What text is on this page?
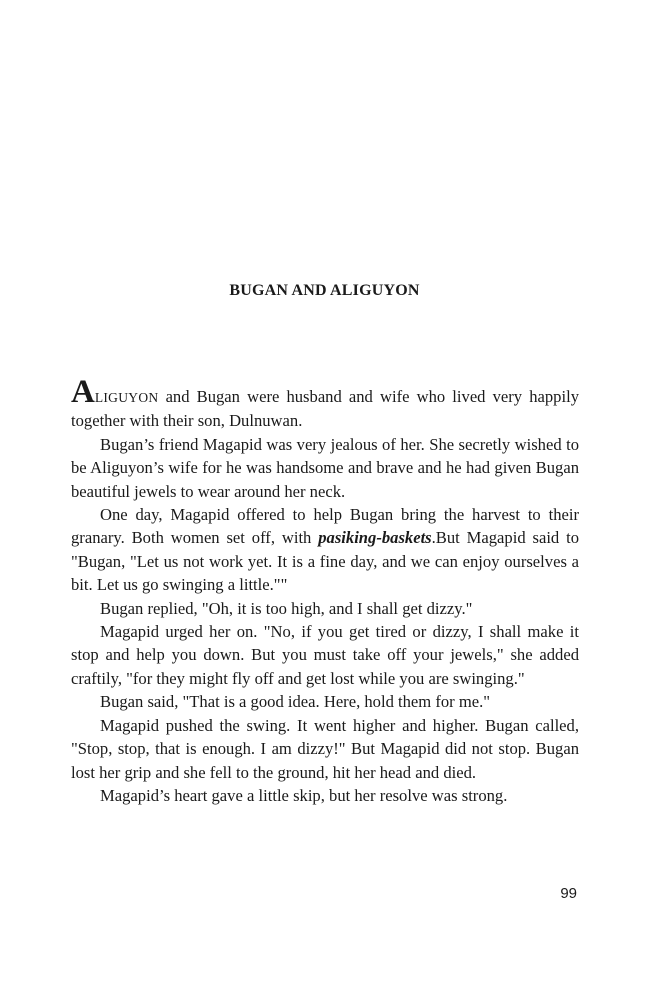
BUGAN AND ALIGUYON

ALIGUYON and Bugan were husband and wife who lived very happily together with their son, Dulnuwan.

Bugan’s friend Magapid was very jealous of her. She secretly wished to be Aliguyon’s wife for he was handsome and brave and he had given Bugan beautiful jewels to wear around her neck.

One day, Magapid offered to help Bugan bring the harvest to their granary. Both women set off, with pasiking-baskets.But Magapid said to "Bugan, "Let us not work yet. It is a fine day, and we can enjoy ourselves a bit. Let us go swinging a little.""

Bugan replied, "Oh, it is too high, and I shall get dizzy."

Magapid urged her on. "No, if you get tired or dizzy, I shall make it stop and help you down. But you must take off your jewels," she added craftily, "for they might fly off and get lost while you are swinging."

Bugan said, "That is a good idea. Here, hold them for me."

Magapid pushed the swing. It went higher and higher. Bugan called, "Stop, stop, that is enough. I am dizzy!" But Magapid did not stop. Bugan lost her grip and she fell to the ground, hit her head and died.

Magapid’s heart gave a little skip, but her resolve was strong.

99
